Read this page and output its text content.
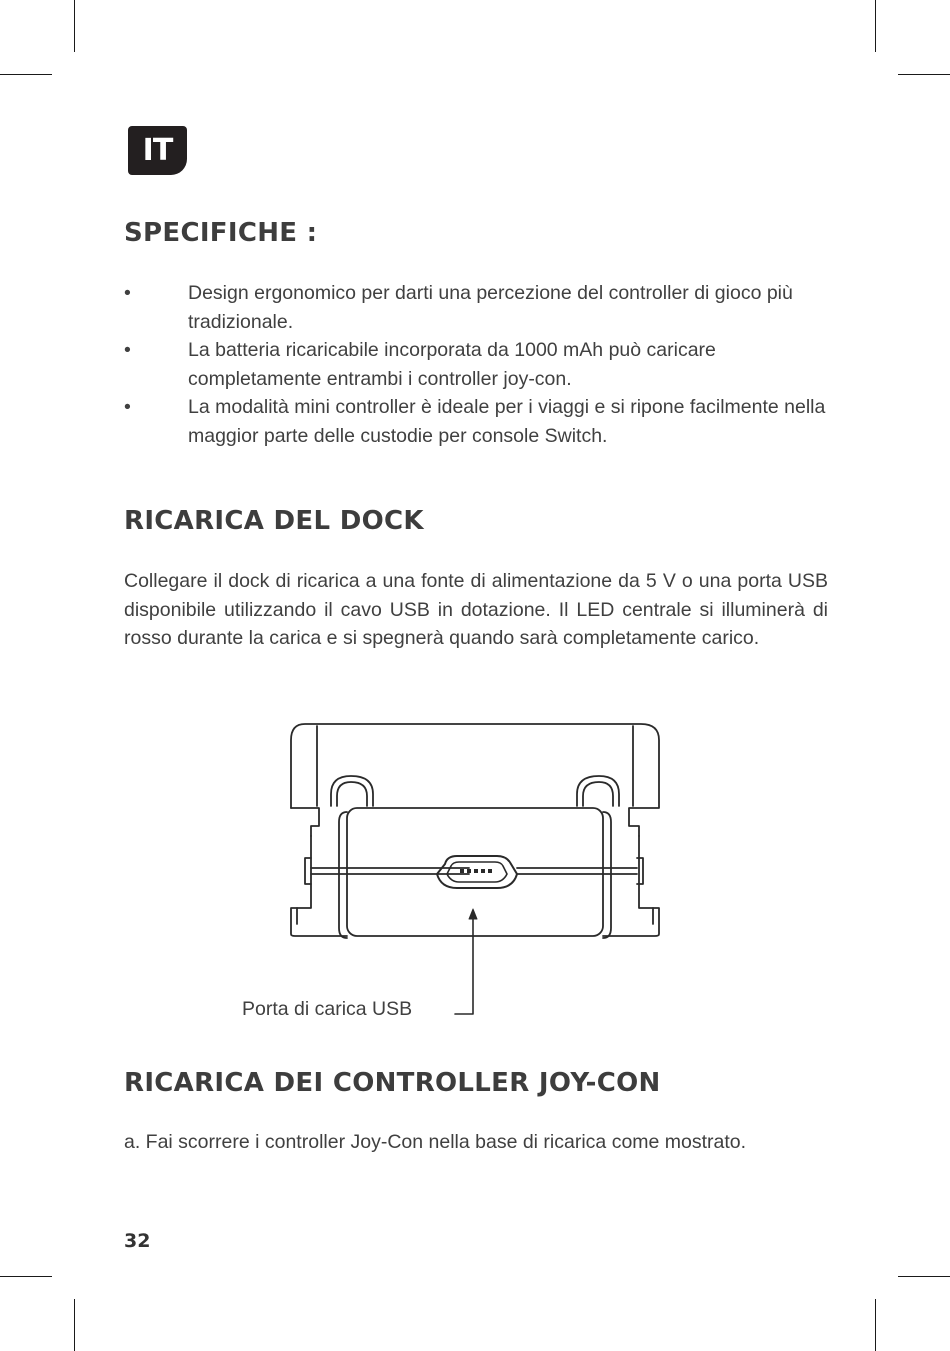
IT
SPECIFICHE :
•	Design ergonomico per darti una percezione del controller di gioco più tradizionale.
•	La batteria ricaricabile incorporata da 1000 mAh può caricare completamente entrambi i controller joy-con.
•	La modalità mini controller è ideale per i viaggi e si ripone facilmente nella maggior parte delle custodie per console Switch.
RICARICA DEL DOCK

Collegare il dock di ricarica a una fonte di alimentazione da 5 V o una porta USB disponibile utilizzando il cavo USB in dotazione. Il LED centrale si illuminerà di rosso durante la carica e si spegnerà quando sarà completamente carico.

Porta di carica USB
RICARICA DEI CONTROLLER JOY-CON

a. Fai scorrere i controller Joy-Con nella base di ricarica come mostrato.

32
